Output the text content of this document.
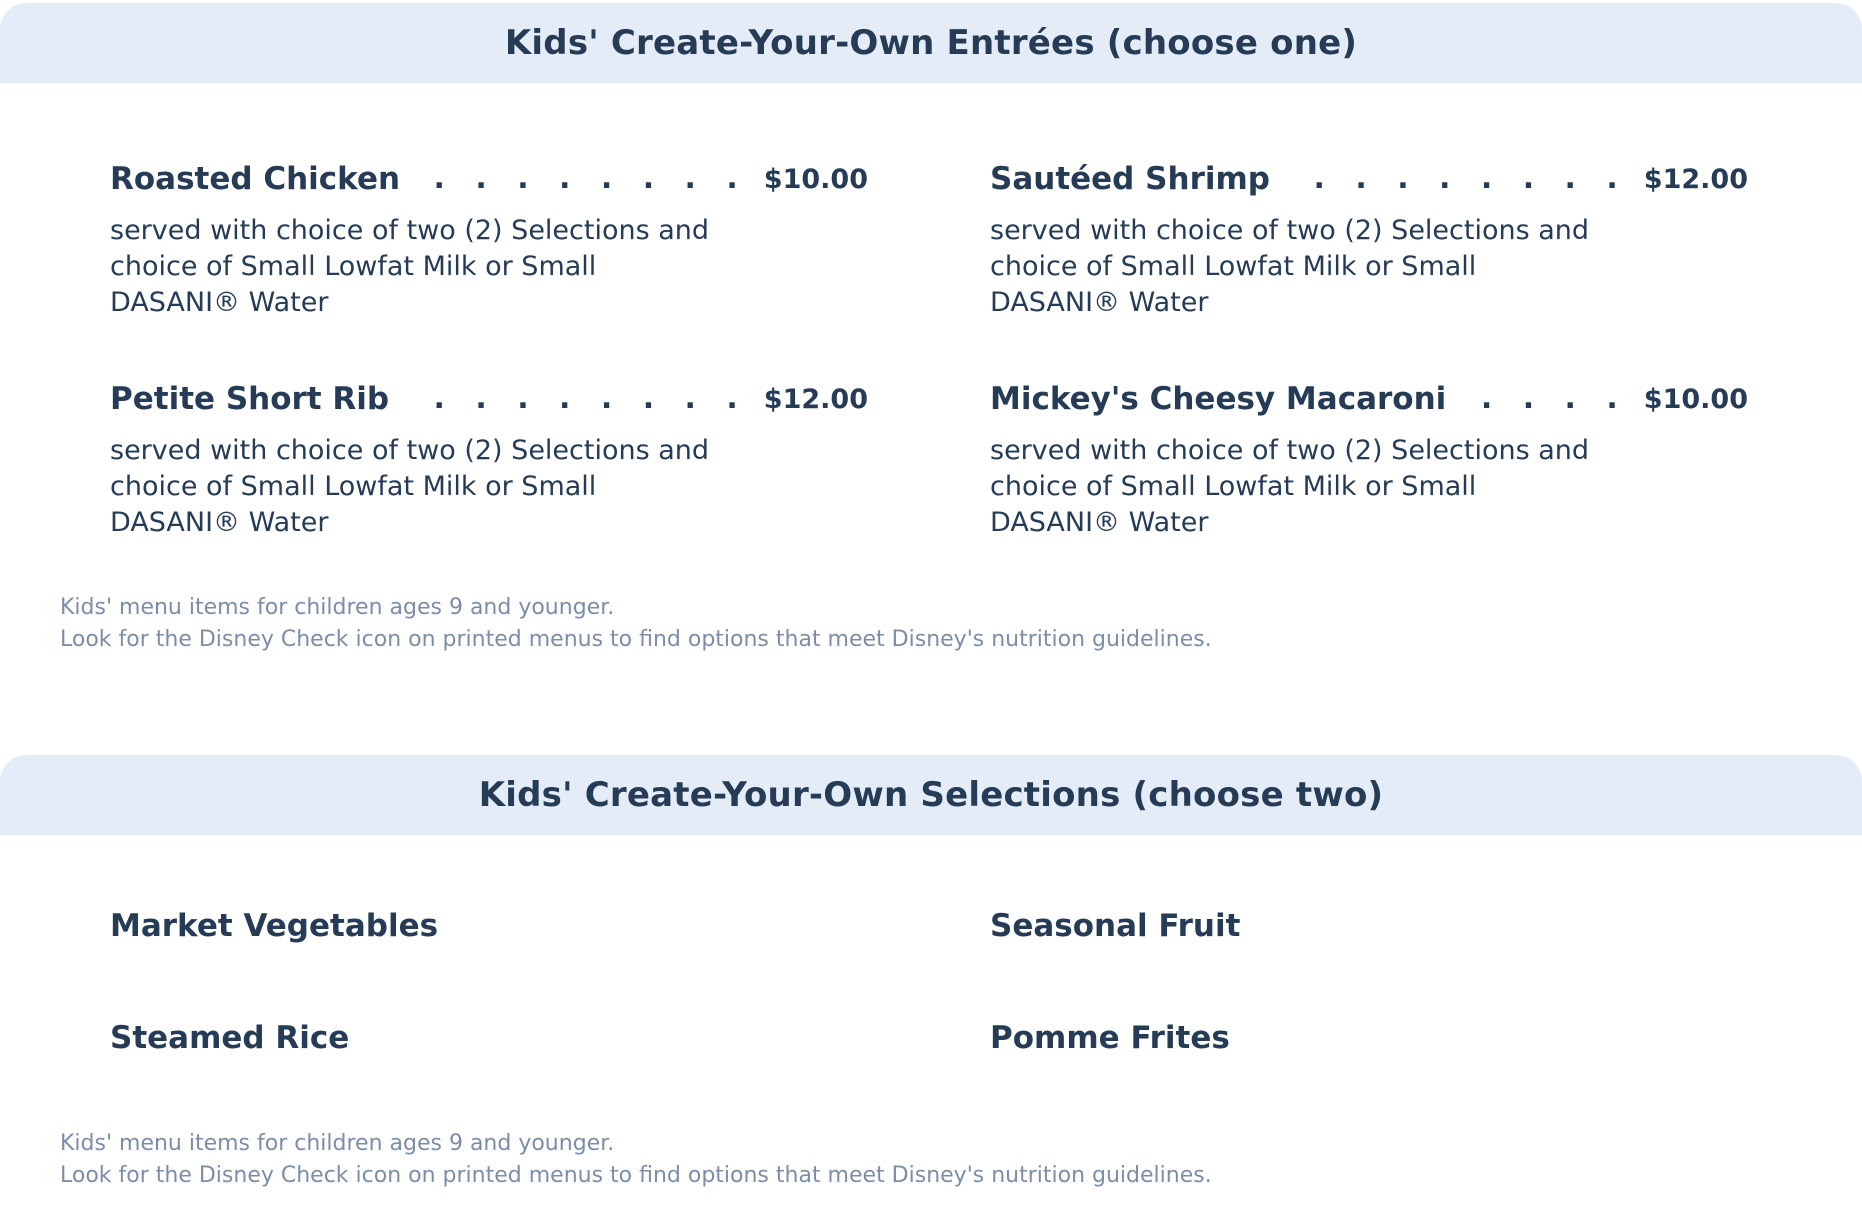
Kids' Create-Your-Own Entrées (choose one)
Roasted Chicken . . .	$10.00
served with choice of two (2) Selections and choice of Small Lowfat Milk or Small DASANI® Water
Sautéed Shrimp . . .	$12.00
served with choice of two (2) Selections and choice of Small Lowfat Milk or Small DASANI® Water
Petite Short Rib . . .	$12.00
served with choice of two (2) Selections and choice of Small Lowfat Milk or Small DASANI® Water
Mickey's Cheesy Macaroni . . .	$10.00
served with choice of two (2) Selections and choice of Small Lowfat Milk or Small DASANI® Water
Kids' menu items for children ages 9 and younger.
Look for the Disney Check icon on printed menus to find options that meet Disney's nutrition guidelines.
Kids' Create-Your-Own Selections (choose two)
Market Vegetables	Seasonal Fruit
Steamed Rice	Pomme Frites
Kids' menu items for children ages 9 and younger.
Look for the Disney Check icon on printed menus to find options that meet Disney's nutrition guidelines.
